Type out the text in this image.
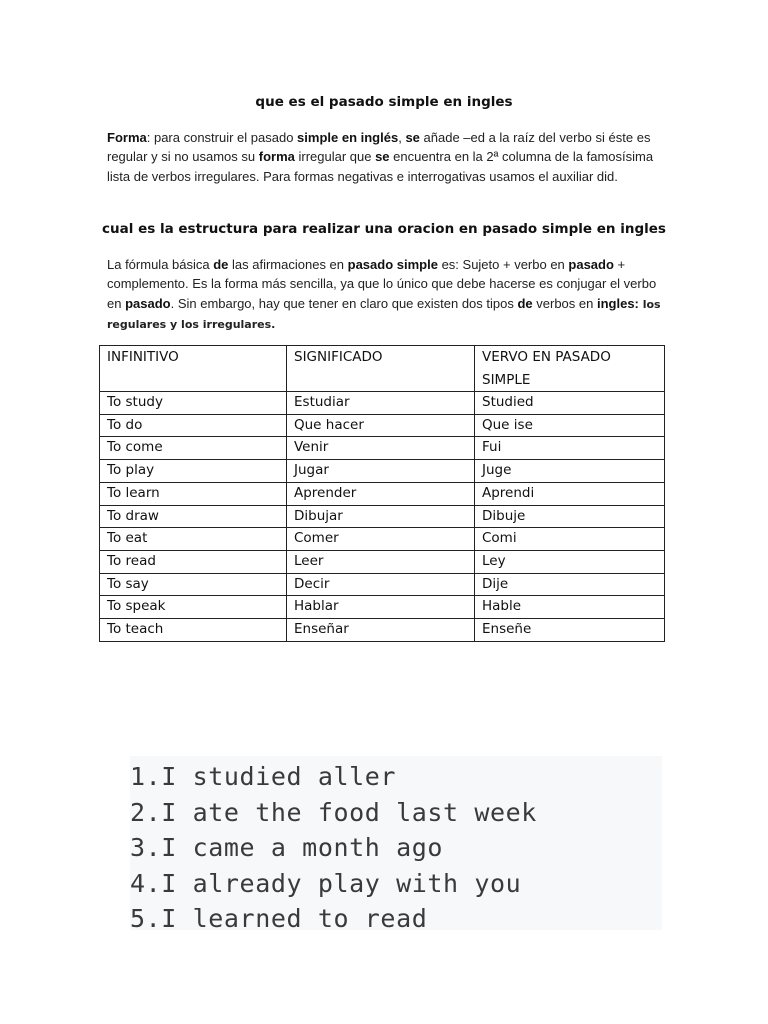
que es el pasado simple en ingles
Forma: para construir el pasado simple en inglés, se añade –ed a la raíz del verbo si éste es regular y si no usamos su forma irregular que se encuentra en la 2ª columna de la famosísima lista de verbos irregulares. Para formas negativas e interrogativas usamos el auxiliar did.
cual es la estructura para realizar una oracion en pasado simple en ingles
La fórmula básica de las afirmaciones en pasado simple es: Sujeto + verbo en pasado + complemento. Es la forma más sencilla, ya que lo único que debe hacerse es conjugar el verbo en pasado. Sin embargo, hay que tener en claro que existen dos tipos de verbos en ingles: los regulares y los irregulares.
INFINITIVO	SIGNIFICADO	VERVO EN PASADO SIMPLE
To study	Estudiar	Studied
To do	Que hacer	Que ise
To come	Venir	Fui
To play	Jugar	Juge
To learn	Aprender	Aprendi
To draw	Dibujar	Dibuje
To eat	Comer	Comi
To read	Leer	Ley
To say	Decir	Dije
To speak	Hablar	Hable
To teach	Enseñar	Enseñe
1.I studied aller
2.I ate the food last week
3.I came a month ago
4.I already play with you
5.I learned to read
